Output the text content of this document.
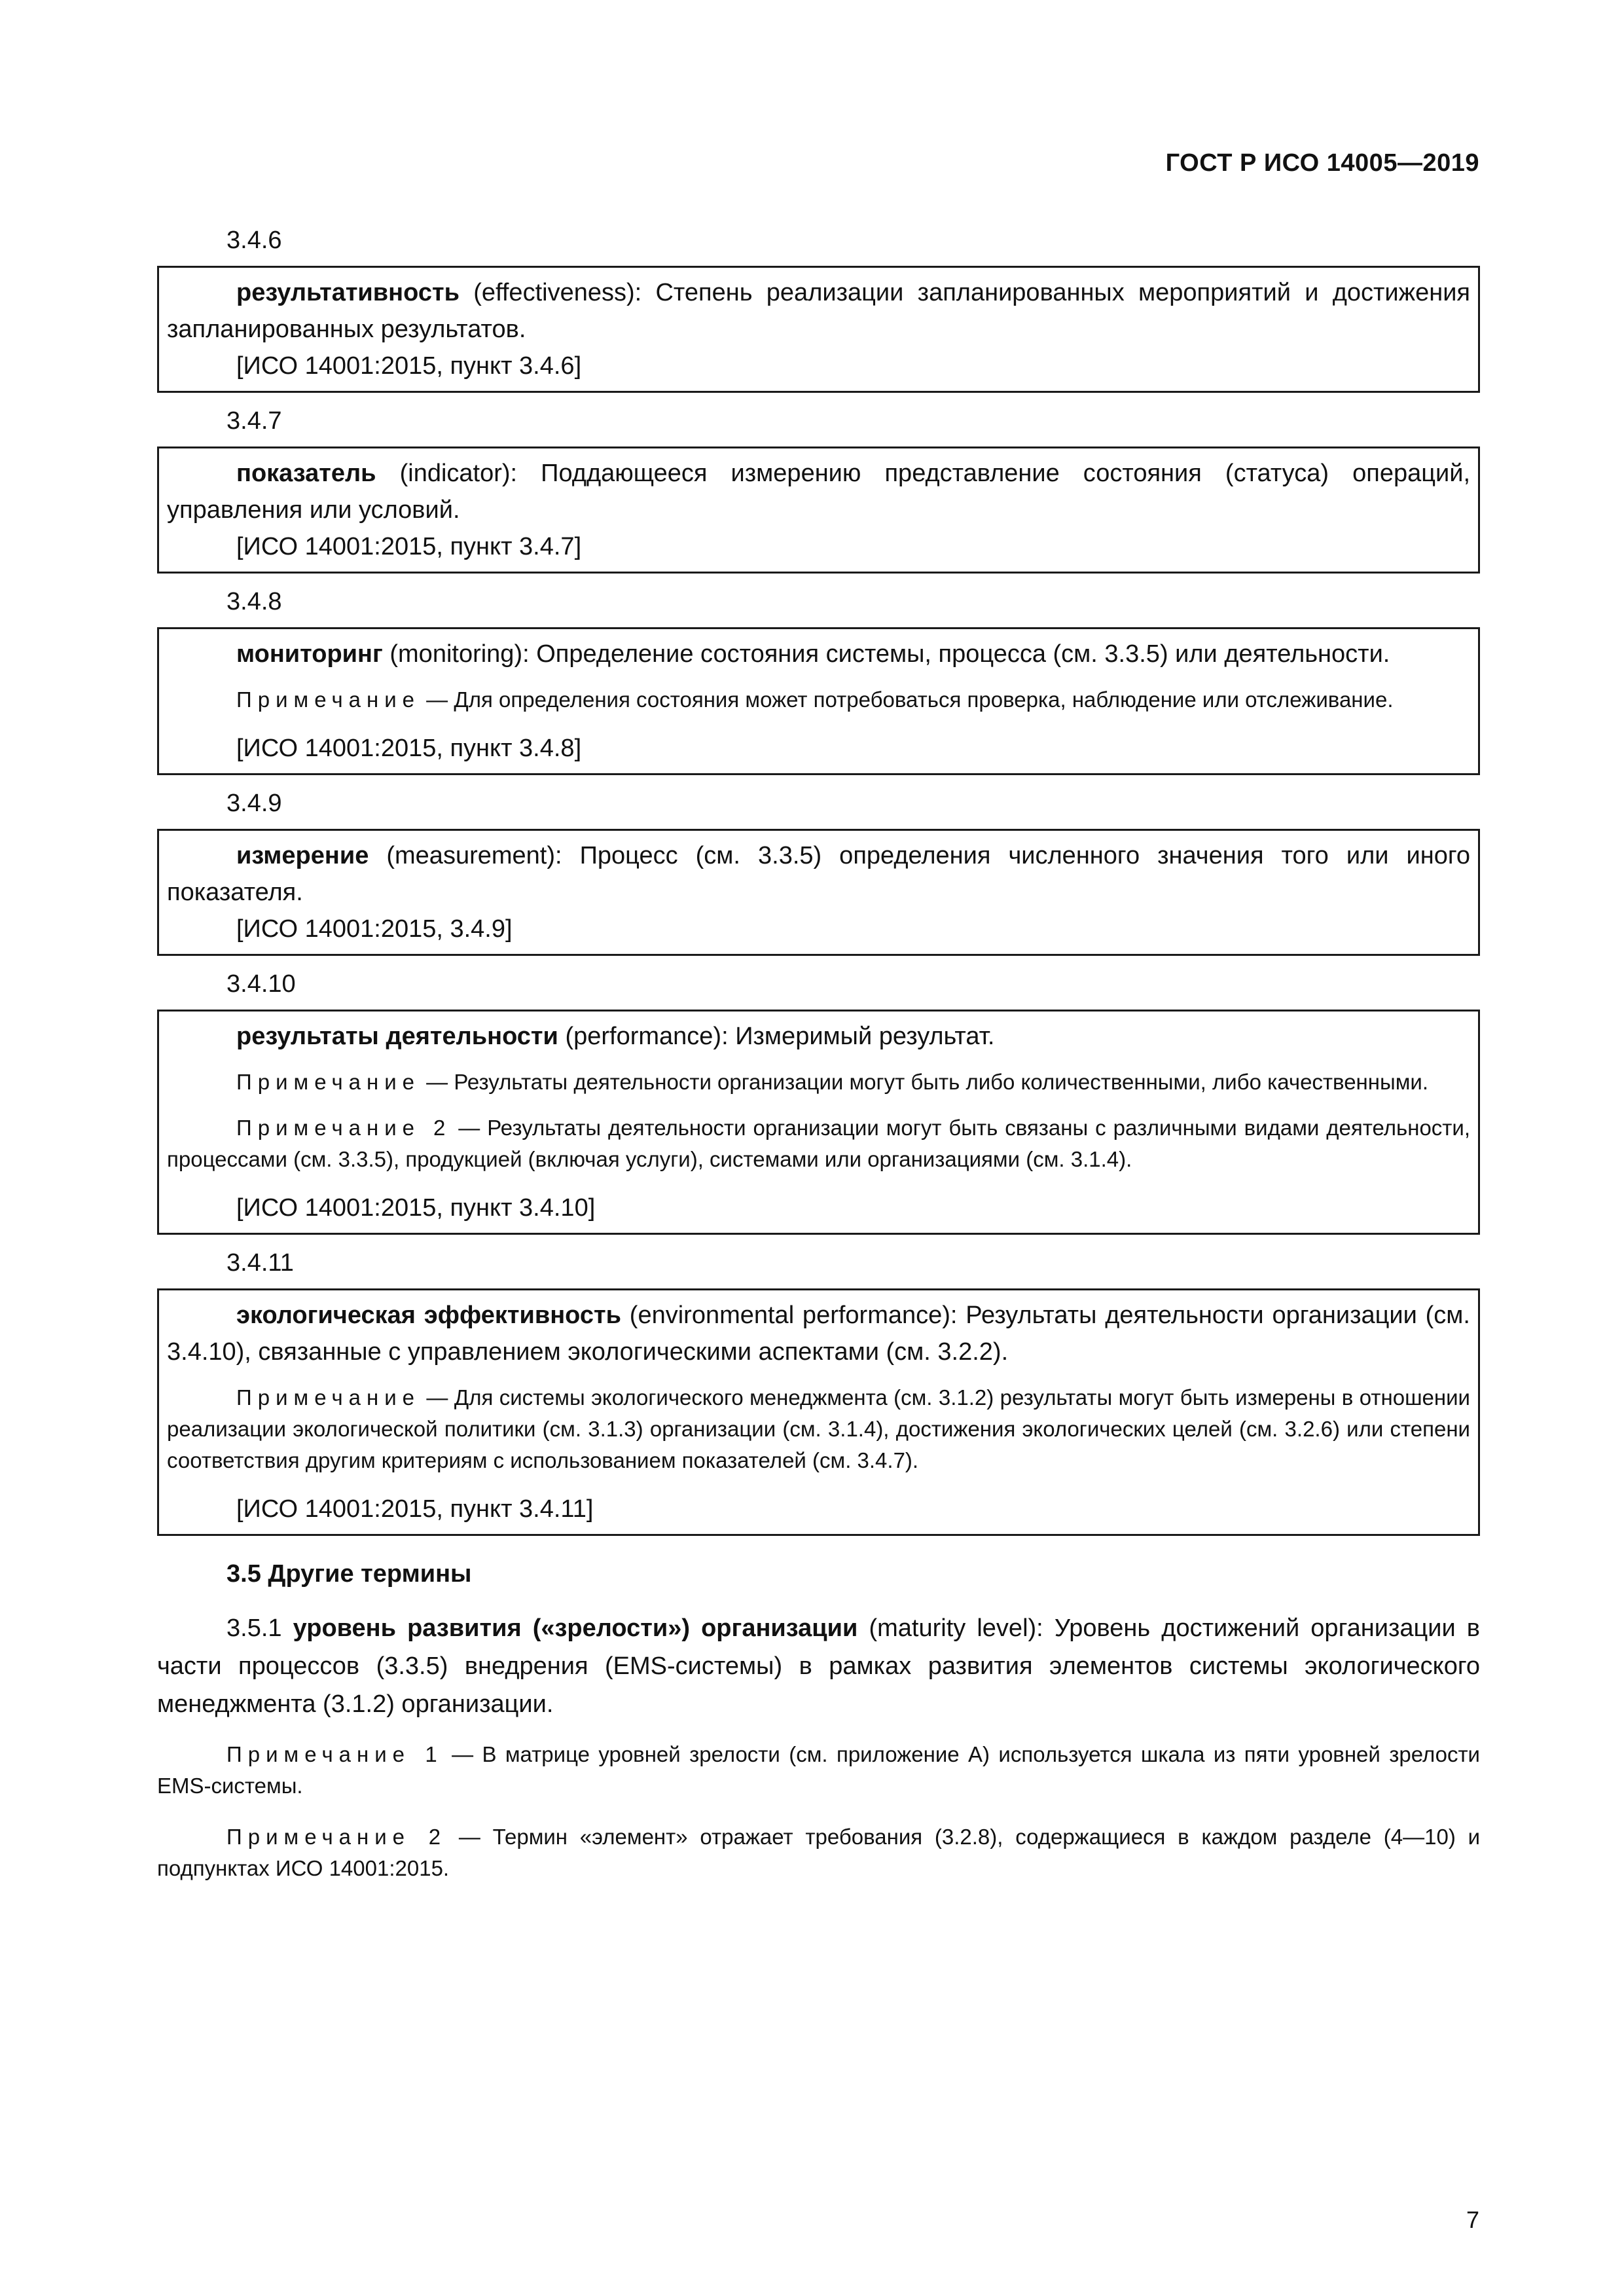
ГОСТ Р ИСО 14005—2019
3.4.6

результативность (effectiveness): Степень реализации запланированных мероприятий и достижения запланированных результатов.

[ИСО 14001:2015, пункт 3.4.6]

3.4.7

показатель (indicator): Поддающееся измерению представление состояния (статуса) операций, управления или условий.

[ИСО 14001:2015, пункт 3.4.7]

3.4.8

мониторинг (monitoring): Определение состояния системы, процесса (см. 3.3.5) или деятельности.

Примечание — Для определения состояния может потребоваться проверка, наблюдение или отслеживание.

[ИСО 14001:2015, пункт 3.4.8]

3.4.9

измерение (measurement): Процесс (см. 3.3.5) определения численного значения того или иного показателя.

[ИСО 14001:2015, 3.4.9]

3.4.10

результаты деятельности (performance): Измеримый результат.

Примечание — Результаты деятельности организации могут быть либо количественными, либо качественными.

Примечание 2 — Результаты деятельности организации могут быть связаны с различными видами деятельности, процессами (см. 3.3.5), продукцией (включая услуги), системами или организациями (см. 3.1.4).

[ИСО 14001:2015, пункт 3.4.10]

3.4.11

экологическая эффективность (environmental performance): Результаты деятельности организации (см. 3.4.10), связанные с управлением экологическими аспектами (см. 3.2.2).

Примечание — Для системы экологического менеджмента (см. 3.1.2) результаты могут быть измерены в отношении реализации экологической политики (см. 3.1.3) организации (см. 3.1.4), достижения экологических целей (см. 3.2.6) или степени соответствия другим критериям с использованием показателей (см. 3.4.7).

[ИСО 14001:2015, пункт 3.4.11]

3.5 Другие термины

3.5.1 уровень развития («зрелости») организации (maturity level): Уровень достижений организации в части процессов (3.3.5) внедрения (EMS-системы) в рамках развития элементов системы экологического менеджмента (3.1.2) организации.

Примечание 1 — В матрице уровней зрелости (см. приложение А) используется шкала из пяти уровней зрелости EMS-системы.

Примечание 2 — Термин «элемент» отражает требования (3.2.8), содержащиеся в каждом разделе (4—10) и подпунктах ИСО 14001:2015.

7
